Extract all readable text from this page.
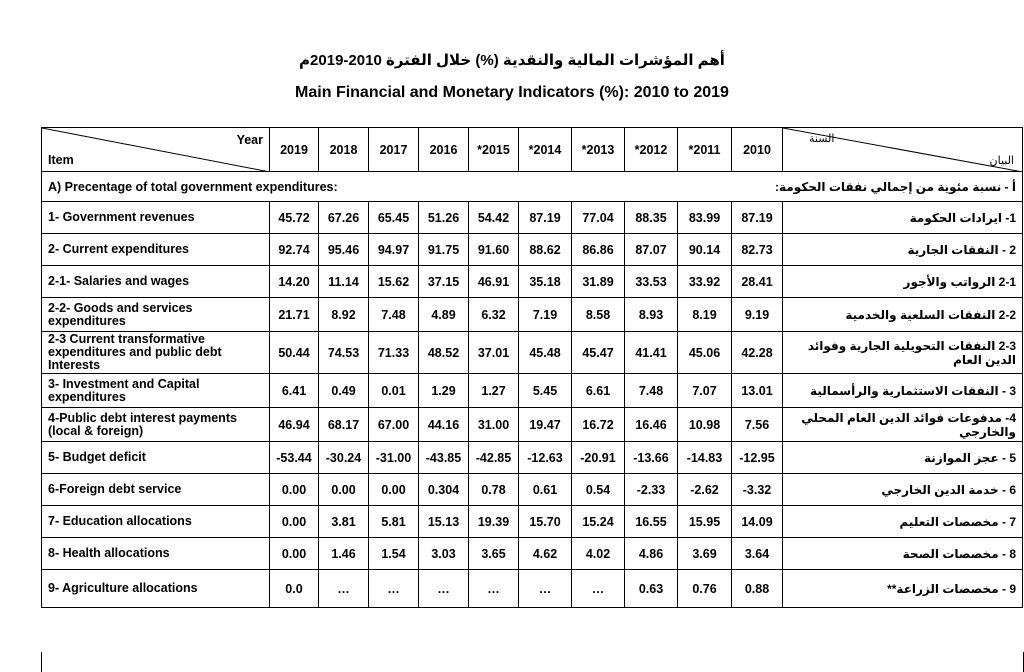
أهم المؤشرات المالية والنقدية (%) خلال الفترة 2010-2019م
Main Financial and Monetary Indicators (%): 2010 to 2019
Year
Item	2019	2018	2017	2016	*2015	*2014	*2013	*2012	*2011	2010	السنة
البيان

A) Precentage of total government expenditures: أ - نسبة مئوية من إجمالي نفقات الحكومة:											

1- Government revenues	45.72	67.26	65.45	51.26	54.42	87.19	77.04	88.35	83.99	87.19	1- ايرادات الحكومة
2- Current expenditures	92.74	95.46	94.97	91.75	91.60	88.62	86.86	87.07	90.14	82.73	2 - النفقات الجارية
2-1- Salaries and wages	14.20	11.14	15.62	37.15	46.91	35.18	31.89	33.53	33.92	28.41	2-1 الرواتب والأجور
2-2- Goods and services expenditures	21.71	8.92	7.48	4.89	6.32	7.19	8.58	8.93	8.19	9.19	2-2 النفقات السلعية والخدمية
2-3 Current transformative expenditures and public debt Interests	50.44	74.53	71.33	48.52	37.01	45.48	45.47	41.41	45.06	42.28	2-3 النفقات التحويلية الجارية وفوائد الدين العام
3- Investment and Capital expenditures	6.41	0.49	0.01	1.29	1.27	5.45	6.61	7.48	7.07	13.01	3 - النفقات الاستثمارية والرأسمالية
4-Public debt interest payments (local & foreign)	46.94	68.17	67.00	44.16	31.00	19.47	16.72	16.46	10.98	7.56	4- مدفوعات فوائد الدين العام المحلي والخارجي
5- Budget deficit	-53.44	-30.24	-31.00	-43.85	-42.85	-12.63	-20.91	-13.66	-14.83	-12.95	5 - عجز الموازنة
6-Foreign debt service	0.00	0.00	0.00	0.304	0.78	0.61	0.54	-2.33	-2.62	-3.32	6 - خدمة الدين الخارجي
7- Education allocations	0.00	3.81	5.81	15.13	19.39	15.70	15.24	16.55	15.95	14.09	7 - مخصصات التعليم
8- Health allocations	0.00	1.46	1.54	3.03	3.65	4.62	4.02	4.86	3.69	3.64	8 - مخصصات الصحة
9- Agriculture allocations	0.0	…	…	…	…	…	…	0.63	0.76	0.88	9 - مخصصات الزراعة**
